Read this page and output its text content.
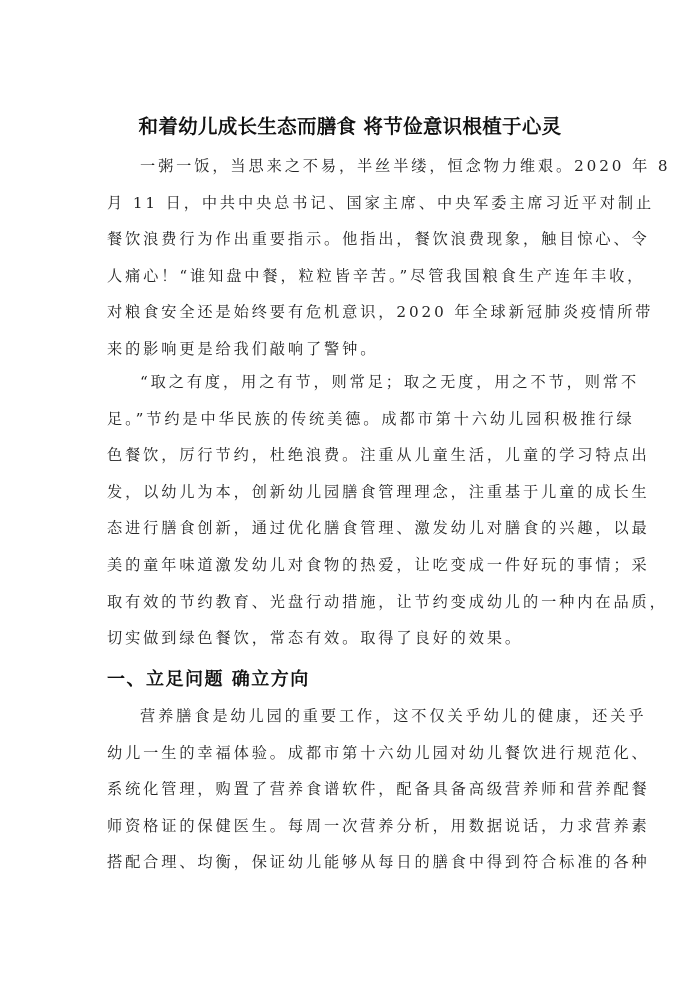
和着幼儿成长生态而膳食 将节俭意识根植于心灵
一粥一饭，当思来之不易，半丝半缕，恒念物力维艰。2020 年 8
月 11 日，中共中央总书记、国家主席、中央军委主席习近平对制止
餐饮浪费行为作出重要指示。他指出，餐饮浪费现象，触目惊心、令
人痛心！“谁知盘中餐，粒粒皆辛苦。”尽管我国粮食生产连年丰收，
对粮食安全还是始终要有危机意识，2020 年全球新冠肺炎疫情所带
来的影响更是给我们敲响了警钟。
“取之有度，用之有节，则常足；取之无度，用之不节，则常不
足。”节约是中华民族的传统美德。成都市第十六幼儿园积极推行绿
色餐饮，厉行节约，杜绝浪费。注重从儿童生活，儿童的学习特点出
发，以幼儿为本，创新幼儿园膳食管理理念，注重基于儿童的成长生
态进行膳食创新，通过优化膳食管理、激发幼儿对膳食的兴趣，以最
美的童年味道激发幼儿对食物的热爱，让吃变成一件好玩的事情；采
取有效的节约教育、光盘行动措施，让节约变成幼儿的一种内在品质，
切实做到绿色餐饮，常态有效。取得了良好的效果。
一、立足问题 确立方向
营养膳食是幼儿园的重要工作，这不仅关乎幼儿的健康，还关乎
幼儿一生的幸福体验。成都市第十六幼儿园对幼儿餐饮进行规范化、
系统化管理，购置了营养食谱软件，配备具备高级营养师和营养配餐
师资格证的保健医生。每周一次营养分析，用数据说话，力求营养素
搭配合理、均衡，保证幼儿能够从每日的膳食中得到符合标准的各种
